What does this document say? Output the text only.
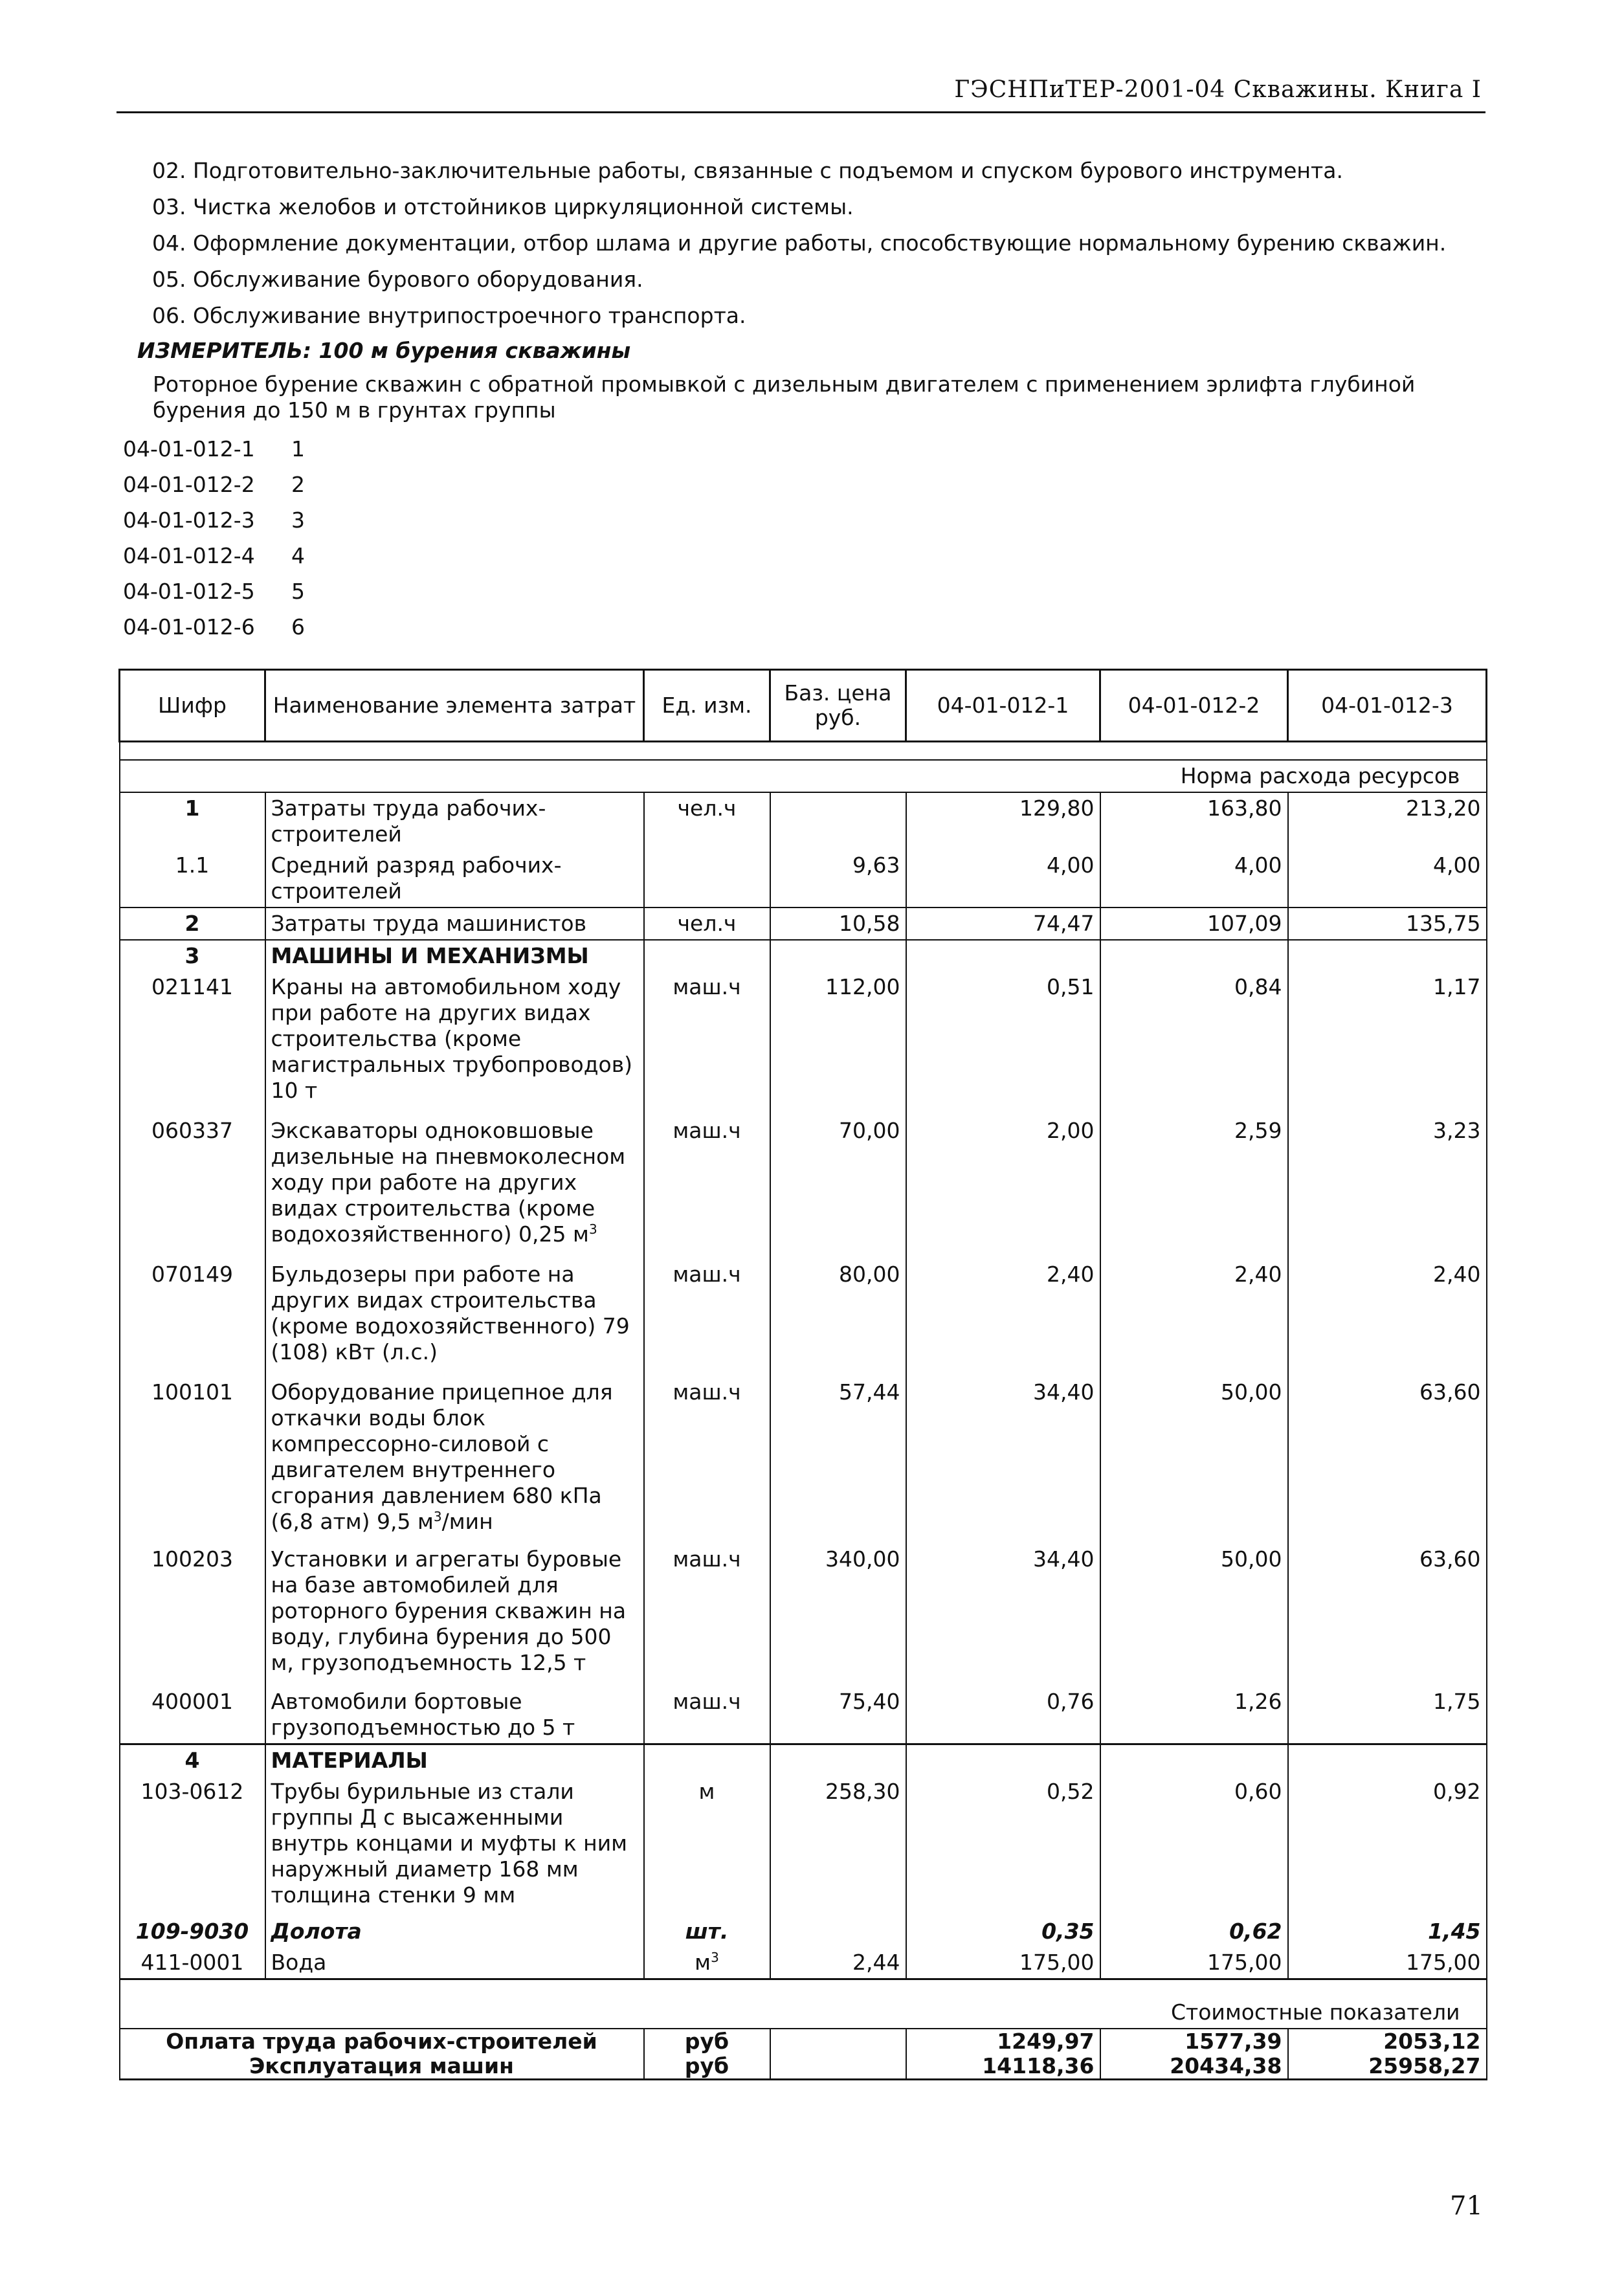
ГЭСНПиТЕР-2001-04 Скважины. Книга I
02. Подготовительно-заключительные работы, связанные с подъемом и спуском бурового инструмента.
03. Чистка желобов и отстойников циркуляционной системы.
04. Оформление документации, отбор шлама и другие работы, способствующие нормальному бурению скважин.
05. Обслуживание бурового оборудования.
06. Обслуживание внутрипостроечного транспорта.
ИЗМЕРИТЕЛЬ: 100 м бурения скважины
Роторное бурение скважин с обратной промывкой с дизельным двигателем с применением эрлифта глубиной бурения до 150 м в грунтах группы
04-01-012-1 1
04-01-012-2 2
04-01-012-3 3
04-01-012-4 4
04-01-012-5 5
04-01-012-6 6
Шифр	Наименование элемента затрат	Ед. изм.	Баз. цена руб.	04-01-012-1	04-01-012-2	04-01-012-3

Норма расхода ресурсов						
1	Затраты труда рабочих-строителей	чел.ч		129,80	163,80	213,20
1.1	Средний разряд рабочих-строителей		9,63	4,00	4,00	4,00
2	Затраты труда машинистов	чел.ч	10,58	74,47	107,09	135,75
3	МАШИНЫ И МЕХАНИЗМЫ					
021141	Краны на автомобильном ходу при работе на других видах строительства (кроме магистральных трубопроводов) 10 т	маш.ч	112,00	0,51	0,84	1,17
060337	Экскаваторы одноковшовые дизельные на пневмоколесном ходу при работе на других видах строительства (кроме водохозяйственного) 0,25 $м^3$	маш.ч	70,00	2,00	2,59	3,23
070149	Бульдозеры при работе на других видах строительства (кроме водохозяйственного) 79 (108) кВт (л.с.)	маш.ч	80,00	2,40	2,40	2,40
100101	Оборудование прицепное для откачки воды блок компрессорно-силовой с двигателем внутреннего сгорания давлением 680 кПа (6,8 атм) 9,5 $м^3$/мин	маш.ч	57,44	34,40	50,00	63,60
100203	Установки и агрегаты буровые на базе автомобилей для роторного бурения скважин на воду, глубина бурения до 500 м, грузоподъемность 12,5 т	маш.ч	340,00	34,40	50,00	63,60
400001	Автомобили бортовые грузоподъемностью до 5 т	маш.ч	75,40	0,76	1,26	1,75
4	МАТЕРИАЛЫ					
103-0612	Трубы бурильные из стали группы Д с высаженными внутрь концами и муфты к ним наружный диаметр 168 мм толщина стенки 9 мм	м	258,30	0,52	0,60	0,92
109-9030	Долота	шт.		0,35	0,62	1,45
411-0001	Вода	$м^3$	2,44	175,00	175,00	175,00

Стоимостные показатели						
Оплата труда рабочих-строителей		руб		1249,97	1577,39	2053,12
Эксплуатация машин		руб		14118,36	20434,38	25958,27
71
